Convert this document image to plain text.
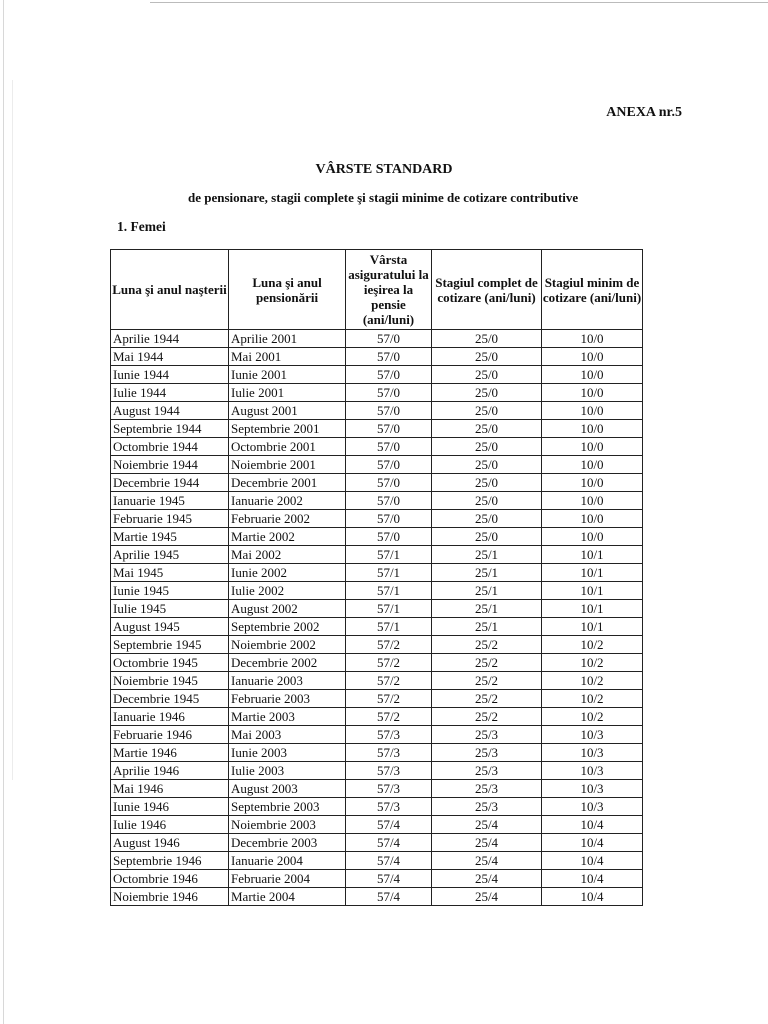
ANEXA nr.5
VÂRSTE STANDARD
de pensionare, stagii complete şi stagii minime de cotizare contributive
1. Femei
Luna şi anul naşterii	Luna şi anul pensionării	Vârsta asiguratului la ieşirea la pensie (ani/luni)	Stagiul complet de cotizare (ani/luni)	Stagiul minim de cotizare (ani/luni)
Aprilie 1944	Aprilie 2001	57/0	25/0	10/0
Mai 1944	Mai 2001	57/0	25/0	10/0
Iunie 1944	Iunie 2001	57/0	25/0	10/0
Iulie 1944	Iulie 2001	57/0	25/0	10/0
August 1944	August 2001	57/0	25/0	10/0
Septembrie 1944	Septembrie 2001	57/0	25/0	10/0
Octombrie 1944	Octombrie 2001	57/0	25/0	10/0
Noiembrie 1944	Noiembrie 2001	57/0	25/0	10/0
Decembrie 1944	Decembrie 2001	57/0	25/0	10/0
Ianuarie 1945	Ianuarie 2002	57/0	25/0	10/0
Februarie 1945	Februarie 2002	57/0	25/0	10/0
Martie 1945	Martie 2002	57/0	25/0	10/0
Aprilie 1945	Mai 2002	57/1	25/1	10/1
Mai 1945	Iunie 2002	57/1	25/1	10/1
Iunie 1945	Iulie 2002	57/1	25/1	10/1
Iulie 1945	August 2002	57/1	25/1	10/1
August 1945	Septembrie 2002	57/1	25/1	10/1
Septembrie 1945	Noiembrie 2002	57/2	25/2	10/2
Octombrie 1945	Decembrie 2002	57/2	25/2	10/2
Noiembrie 1945	Ianuarie 2003	57/2	25/2	10/2
Decembrie 1945	Februarie 2003	57/2	25/2	10/2
Ianuarie 1946	Martie 2003	57/2	25/2	10/2
Februarie 1946	Mai 2003	57/3	25/3	10/3
Martie 1946	Iunie 2003	57/3	25/3	10/3
Aprilie 1946	Iulie 2003	57/3	25/3	10/3
Mai 1946	August 2003	57/3	25/3	10/3
Iunie 1946	Septembrie 2003	57/3	25/3	10/3
Iulie 1946	Noiembrie 2003	57/4	25/4	10/4
August 1946	Decembrie 2003	57/4	25/4	10/4
Septembrie 1946	Ianuarie 2004	57/4	25/4	10/4
Octombrie 1946	Februarie 2004	57/4	25/4	10/4
Noiembrie 1946	Martie 2004	57/4	25/4	10/4
